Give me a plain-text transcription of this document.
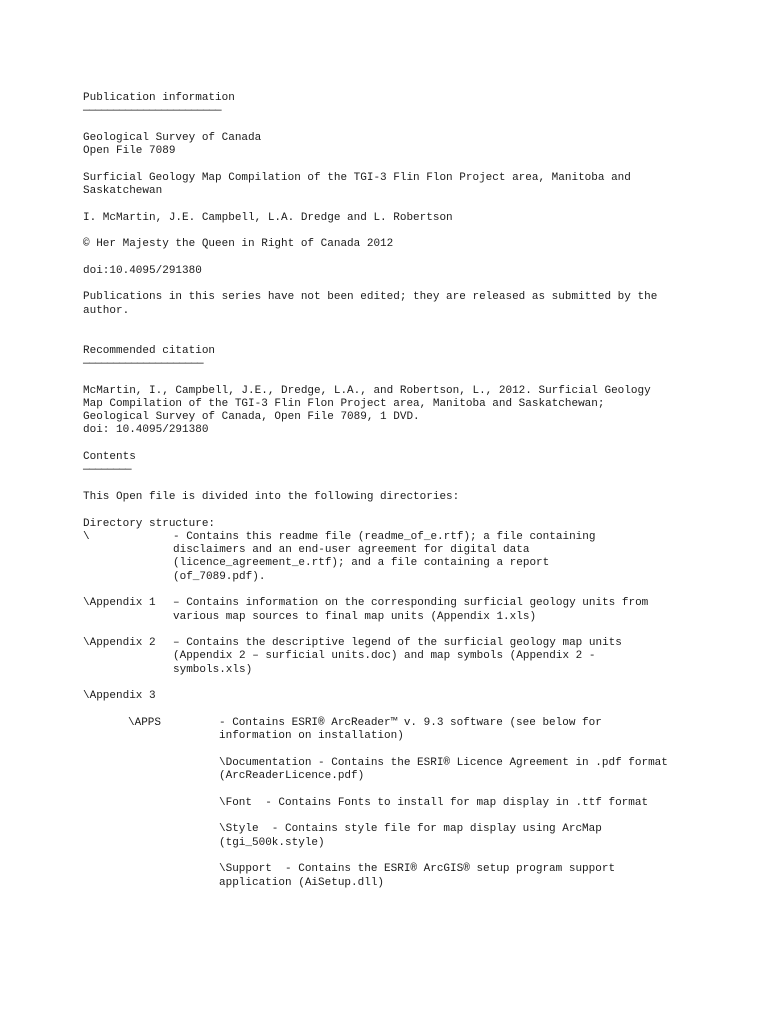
Publication information
———————————————————————
Geological Survey of Canada
Open File 7089
Surficial Geology Map Compilation of the TGI-3 Flin Flon Project area, Manitoba and
Saskatchewan
I. McMartin, J.E. Campbell, L.A. Dredge and L. Robertson
© Her Majesty the Queen in Right of Canada 2012
doi:10.4095/291380
Publications in this series have not been edited; they are released as submitted by the
author.
Recommended citation
————————————————————
McMartin, I., Campbell, J.E., Dredge, L.A., and Robertson, L., 2012. Surficial Geology
Map Compilation of the TGI-3 Flin Flon Project area, Manitoba and Saskatchewan;
Geological Survey of Canada, Open File 7089, 1 DVD.
doi: 10.4095/291380
Contents
————————
This Open file is divided into the following directories:
Directory structure:
\	- Contains this readme file (readme_of_e.rtf); a file containing
disclaimers and an end-user agreement for digital data
(licence_agreement_e.rtf); and a file containing a report
(of_7089.pdf).
\Appendix 1 – Contains information on the corresponding surficial geology units from
various map sources to final map units (Appendix 1.xls)
\Appendix 2 – Contains the descriptive legend of the surficial geology map units
(Appendix 2 – surficial units.doc) and map symbols (Appendix 2 -
symbols.xls)
\Appendix 3
\APPS	- Contains ESRI® ArcReader™ v. 9.3 software (see below for
information on installation)
\Documentation - Contains the ESRI® Licence Agreement in .pdf format
(ArcReaderLicence.pdf)
\Font  - Contains Fonts to install for map display in .ttf format
\Style  - Contains style file for map display using ArcMap
(tgi_500k.style)
\Support  - Contains the ESRI® ArcGIS® setup program support
application (AiSetup.dll)
